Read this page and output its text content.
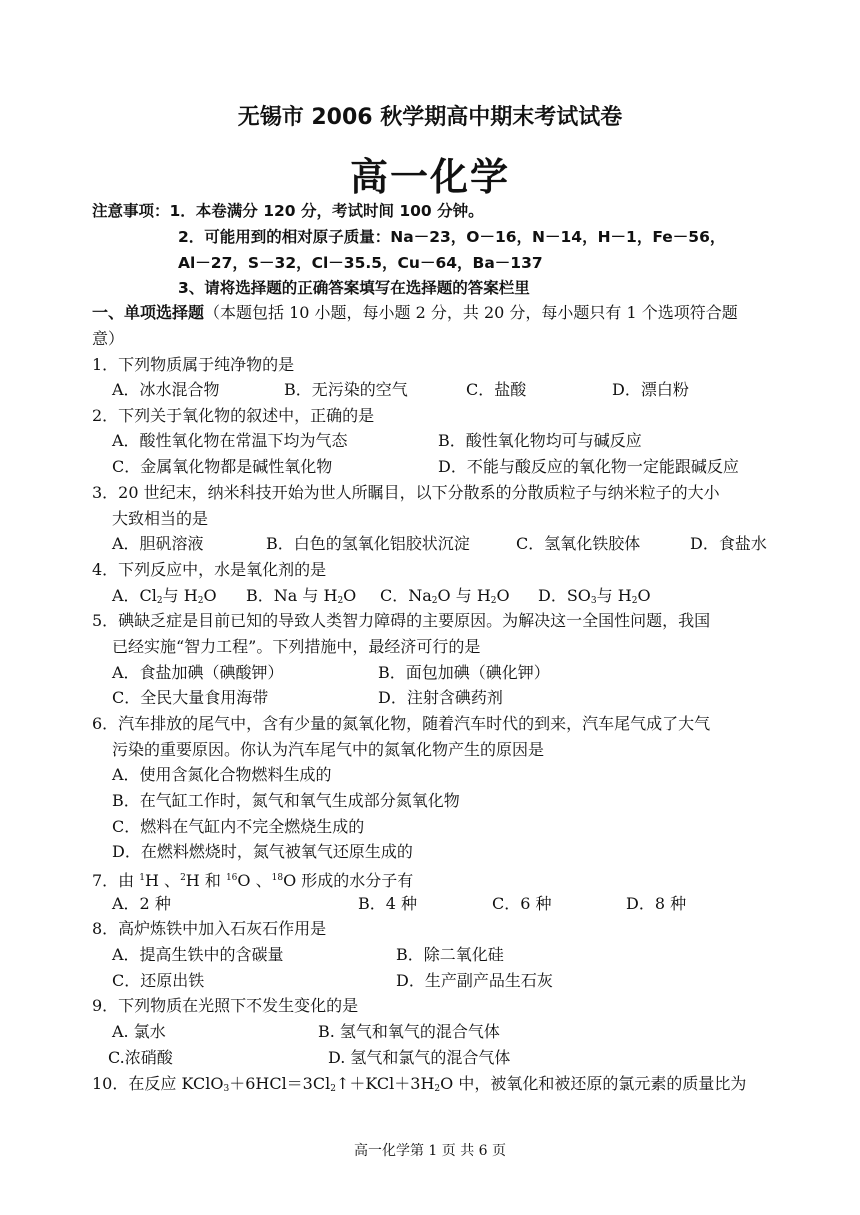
无锡市 2006 秋学期高中期末考试试卷
高一化学
注意事项：1．本卷满分 120 分，考试时间 100 分钟。
2．可能用到的相对原子质量：Na－23，O－16，N－14，H－1，Fe－56，
Al－27，S－32，Cl－35.5，Cu－64，Ba－137
3、请将选择题的正确答案填写在选择题的答案栏里
一、单项选择题（本题包括 10 小题，每小题 2 分，共 20 分，每小题只有 1 个选项符合题
意）
1．下列物质属于纯净物的是
A．冰水混合物	B．无污染的空气	C．盐酸	D．漂白粉
2．下列关于氧化物的叙述中，正确的是
A．酸性氧化物在常温下均为气态	B．酸性氧化物均可与碱反应
C．金属氧化物都是碱性氧化物	D．不能与酸反应的氧化物一定能跟碱反应
3．20 世纪末，纳米科技开始为世人所瞩目，以下分散系的分散质粒子与纳米粒子的大小
大致相当的是
A．胆矾溶液	B．白色的氢氧化铝胶状沉淀	C．氢氧化铁胶体	D．食盐水
4．下列反应中，水是氧化剂的是
A．$Cl_2$与 $H_2O$ B．Na 与 $H_2O$ C．$Na_2O$ 与 $H_2O$ D．$SO_3$与 $H_2O$
5．碘缺乏症是目前已知的导致人类智力障碍的主要原因。为解决这一全国性问题，我国
已经实施“智力工程”。下列措施中，最经济可行的是
A．食盐加碘（碘酸钾）	B．面包加碘（碘化钾）
C．全民大量食用海带	D．注射含碘药剂
6．汽车排放的尾气中，含有少量的氮氧化物，随着汽车时代的到来，汽车尾气成了大气
污染的重要原因。你认为汽车尾气中的氮氧化物产生的原因是
A．使用含氮化合物燃料生成的
B．在气缸工作时，氮气和氧气生成部分氮氧化物
C．燃料在气缸内不完全燃烧生成的
D．在燃料燃烧时，氮气被氧气还原生成的
7．由 $^1$H 、$^2$H 和 $^{16}$O 、$^{18}$O 形成的水分子有
A．2 种	B．4 种	C．6 种	D．8 种
8．高炉炼铁中加入石灰石作用是
A．提高生铁中的含碳量	B．除二氧化硅
C．还原出铁	D．生产副产品生石灰
9．下列物质在光照下不发生变化的是
A. 氯水	B. 氢气和氧气的混合气体
C.浓硝酸	D. 氢气和氯气的混合气体
10．在反应 $KClO_3+6HCl=3Cl_2↑+KCl+3H_2O$ 中，被氧化和被还原的氯元素的质量比为
高一化学第 1 页 共 6 页
